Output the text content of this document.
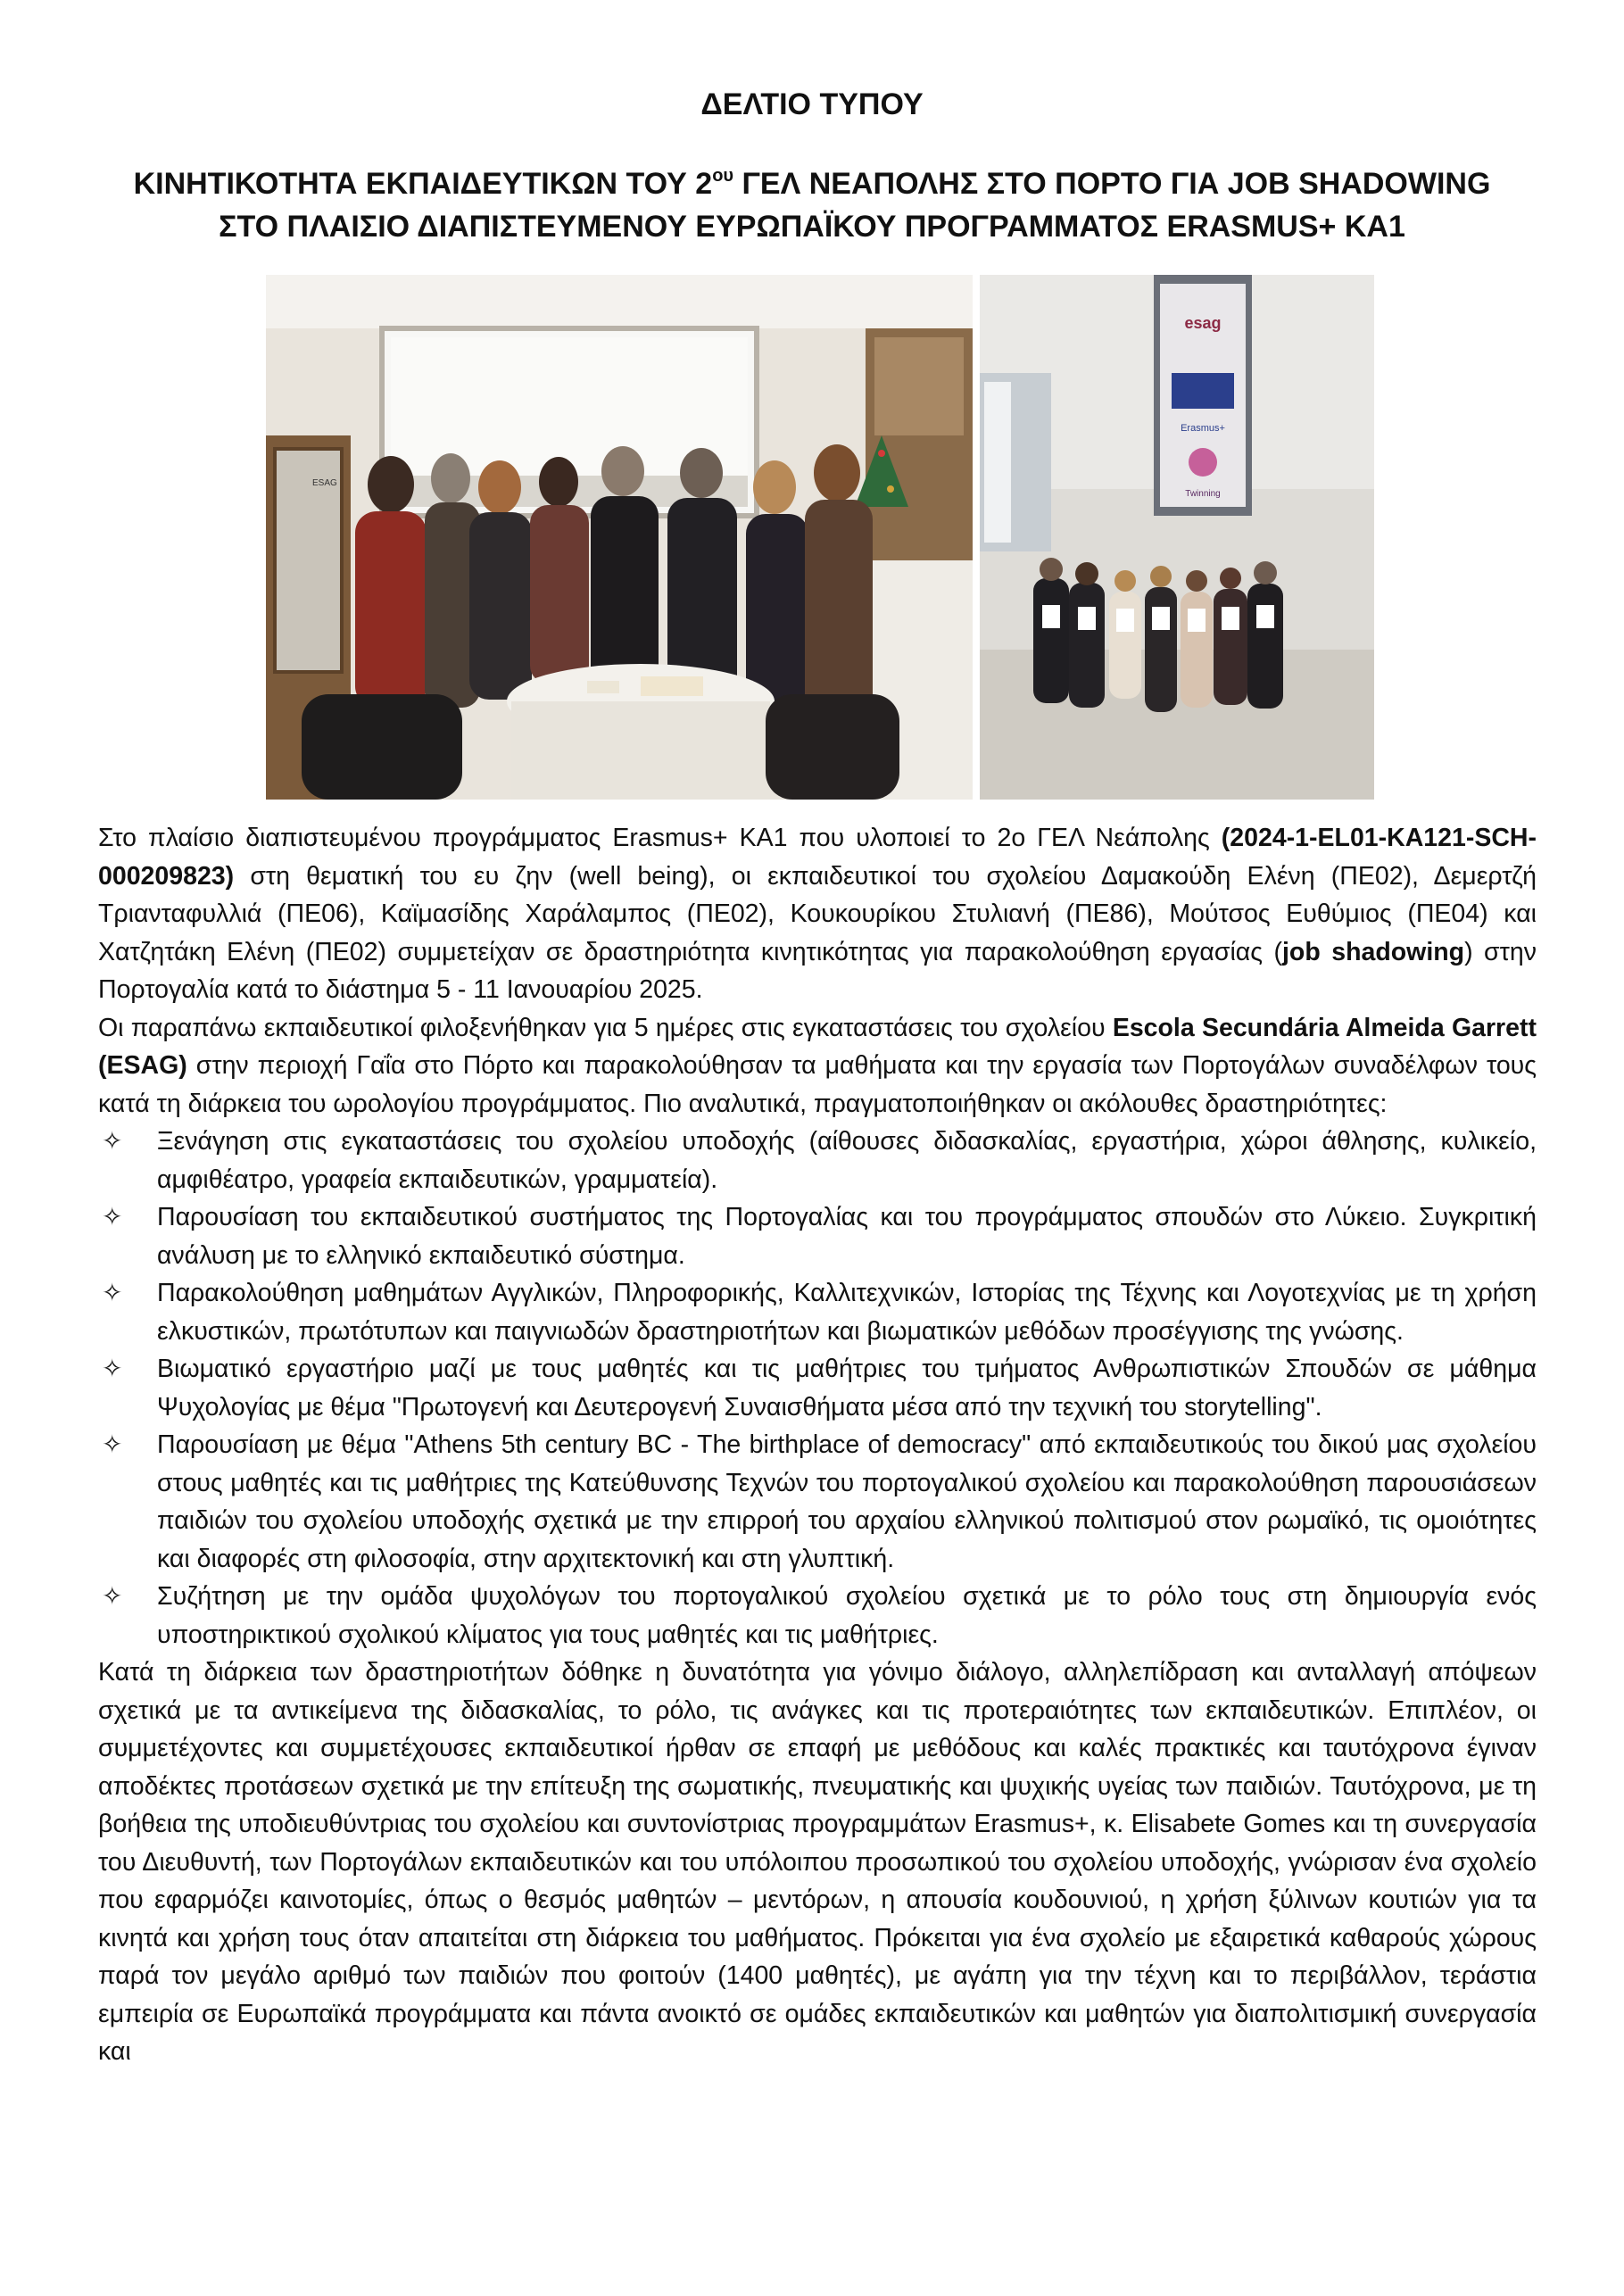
ΔΕΛΤΙΟ ΤΥΠΟΥ
ΚΙΝΗΤΙΚΟΤΗΤΑ ΕΚΠΑΙΔΕΥΤΙΚΩΝ ΤΟΥ $2^{o\upsilon}$ ΓΕΛ ΝΕΑΠΟΛΗΣ ΣΤΟ ΠΟΡΤΟ ΓΙΑ JOB SHADOWING
ΣΤΟ ΠΛΑΙΣΙΟ ΔΙΑΠΙΣΤΕΥΜΕΝΟΥ ΕΥΡΩΠΑΪΚΟΥ ΠΡΟΓΡΑΜΜΑΤΟΣ ERASMUS+ KA1
ESAG
esag
Erasmus+
Twinning

Στο πλαίσιο διαπιστευμένου προγράμματος Erasmus+ KA1 που υλοποιεί το 2ο ΓΕΛ Νεάπολης (2024-1-EL01-KA121-SCH-000209823) στη θεματική του ευ ζην (well being), οι εκπαιδευτικοί του σχολείου Δαμακούδη Ελένη (ΠΕ02), Δεμερτζή Τριανταφυλλιά (ΠΕ06), Καϊμασίδης Χαράλαμπος (ΠΕ02), Κουκουρίκου Στυλιανή (ΠΕ86), Μούτσος Ευθύμιος (ΠΕ04) και Χατζητάκη Ελένη (ΠΕ02) συμμετείχαν σε δραστηριότητα κινητικότητας για παρακολούθηση εργασίας (job shadowing) στην Πορτογαλία κατά το διάστημα 5 - 11 Ιανουαρίου 2025.

Οι παραπάνω εκπαιδευτικοί φιλοξενήθηκαν για 5 ημέρες στις εγκαταστάσεις του σχολείου Escola Secundária Almeida Garrett (ESAG) στην περιοχή Γαΐα στο Πόρτο και παρακολούθησαν τα μαθήματα και την εργασία των Πορτογάλων συναδέλφων τους κατά τη διάρκεια του ωρολογίου προγράμματος. Πιο αναλυτικά, πραγματοποιήθηκαν οι ακόλουθες δραστηριότητες:

✧	Ξενάγηση στις εγκαταστάσεις του σχολείου υποδοχής (αίθουσες διδασκαλίας, εργαστήρια, χώροι άθλησης, κυλικείο, αμφιθέατρο, γραφεία εκπαιδευτικών, γραμματεία).
✧	Παρουσίαση του εκπαιδευτικού συστήματος της Πορτογαλίας και του προγράμματος σπουδών στο Λύκειο. Συγκριτική ανάλυση με το ελληνικό εκπαιδευτικό σύστημα.
✧	Παρακολούθηση μαθημάτων Αγγλικών, Πληροφορικής, Καλλιτεχνικών, Ιστορίας της Τέχνης και Λογοτεχνίας με τη χρήση ελκυστικών, πρωτότυπων και παιγνιωδών δραστηριοτήτων και βιωματικών μεθόδων προσέγγισης της γνώσης.
✧	Βιωματικό εργαστήριο μαζί με τους μαθητές και τις μαθήτριες του τμήματος Ανθρωπιστικών Σπουδών σε μάθημα Ψυχολογίας με θέμα "Πρωτογενή και Δευτερογενή Συναισθήματα μέσα από την τεχνική του storytelling".
✧	Παρουσίαση με θέμα "Athens 5th century BC - The birthplace of democracy" από εκπαιδευτικούς του δικού μας σχολείου στους μαθητές και τις μαθήτριες της Κατεύθυνσης Τεχνών του πορτογαλικού σχολείου και παρακολούθηση παρουσιάσεων παιδιών του σχολείου υποδοχής σχετικά με την επιρροή του αρχαίου ελληνικού πολιτισμού στον ρωμαϊκό, τις ομοιότητες και διαφορές στη φιλοσοφία, στην αρχιτεκτονική και στη γλυπτική.
✧	Συζήτηση με την ομάδα ψυχολόγων του πορτογαλικού σχολείου σχετικά με το ρόλο τους στη δημιουργία ενός υποστηρικτικού σχολικού κλίματος για τους μαθητές και τις μαθήτριες.

Κατά τη διάρκεια των δραστηριοτήτων δόθηκε η δυνατότητα για γόνιμο διάλογο, αλληλεπίδραση και ανταλλαγή απόψεων σχετικά με τα αντικείμενα της διδασκαλίας, το ρόλο, τις ανάγκες και τις προτεραιότητες των εκπαιδευτικών. Επιπλέον, οι συμμετέχοντες και συμμετέχουσες εκπαιδευτικοί ήρθαν σε επαφή με μεθόδους και καλές πρακτικές και ταυτόχρονα έγιναν αποδέκτες προτάσεων σχετικά με την επίτευξη της σωματικής, πνευματικής και ψυχικής υγείας των παιδιών. Ταυτόχρονα, με τη βοήθεια της υποδιευθύντριας του σχολείου και συντονίστριας προγραμμάτων Erasmus+, κ. Elisabete Gomes και τη συνεργασία του Διευθυντή, των Πορτογάλων εκπαιδευτικών και του υπόλοιπου προσωπικού του σχολείου υποδοχής, γνώρισαν ένα σχολείο που εφαρμόζει καινοτομίες, όπως ο θεσμός μαθητών – μεντόρων, η απουσία κουδουνιού, η χρήση ξύλινων κουτιών για τα κινητά και χρήση τους όταν απαιτείται στη διάρκεια του μαθήματος. Πρόκειται για ένα σχολείο με εξαιρετικά καθαρούς χώρους παρά τον μεγάλο αριθμό των παιδιών που φοιτούν (1400 μαθητές), με αγάπη για την τέχνη και το περιβάλλον, τεράστια εμπειρία σε Ευρωπαϊκά προγράμματα και πάντα ανοικτό σε ομάδες εκπαιδευτικών και μαθητών για διαπολιτισμική συνεργασία και
